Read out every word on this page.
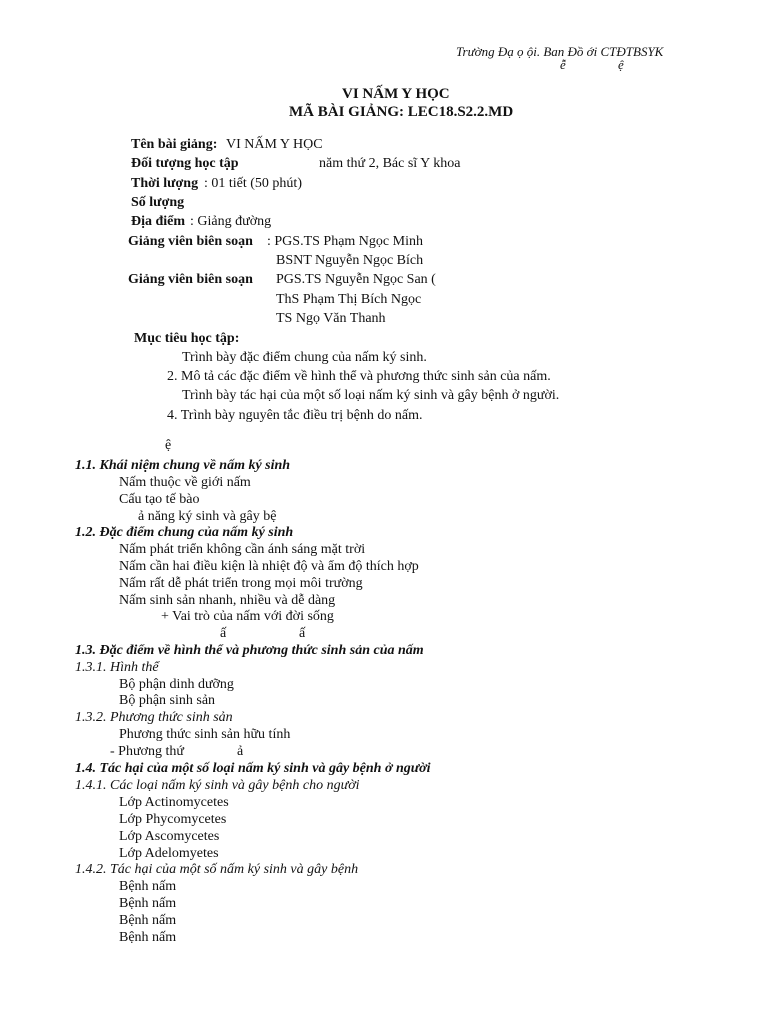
Trường Đạ ọ ội. Ban Đồ ới CTĐTBSYK
ễ	ệ
VI NẤM Y HỌC
MÃ BÀI GIẢNG: LEC18.S2.2.MD
Tên bài giảng: VI NẤM Y HỌC
Đối tượng học tập	năm thứ 2, Bác sĩ Y khoa
Thời lượng : 01 tiết (50 phút)
Số lượng
Địa điểm : Giảng đường
Giảng viên biên soạn : PGS.TS Phạm Ngọc Minh
BSNT Nguyễn Ngọc Bích
Giảng viên biên soạn PGS.TS Nguyễn Ngọc San (
ThS Phạm Thị Bích Ngọc
TS Ngọ Văn Thanh
Mục tiêu học tập:
Trình bày đặc điểm chung của nấm ký sinh.
2. Mô tả các đặc điểm về hình thể và phương thức sinh sản của nấm.
Trình bày tác hại của một số loại nấm ký sinh và gây bệnh ở người.
4. Trình bày nguyên tắc điều trị bệnh do nấm.
ệ
1.1. Khái niệm chung về nấm ký sinh
Nấm thuộc về giới nấm
Cấu tạo tế bào
ả năng ký sinh và gây bệ
1.2. Đặc điểm chung của nấm ký sinh
Nấm phát triển không cần ánh sáng mặt trời
Nấm cần hai điều kiện là nhiệt độ và ẩm độ thích hợp
Nấm rất dễ phát triển trong mọi môi trường
Nấm sinh sản nhanh, nhiều và dễ dàng
+ Vai trò của nấm với đời sống
ấ	ấ
1.3. Đặc điểm về hình thể và phương thức sinh sản của nấm
1.3.1. Hình thể
Bộ phận dinh dưỡng
Bộ phận sinh sản
1.3.2. Phương thức sinh sản
Phương thức sinh sản hữu tính
- Phương thứ	ả
1.4. Tác hại của một số loại nấm ký sinh và gây bệnh ở người
1.4.1. Các loại nấm ký sinh và gây bệnh cho người
Lớp Actinomycetes
Lớp Phycomycetes
Lớp Ascomycetes
Lớp Adelomyetes
1.4.2. Tác hại của một số nấm ký sinh và gây bệnh
Bệnh nấm
Bệnh nấm
Bệnh nấm
Bệnh nấm
